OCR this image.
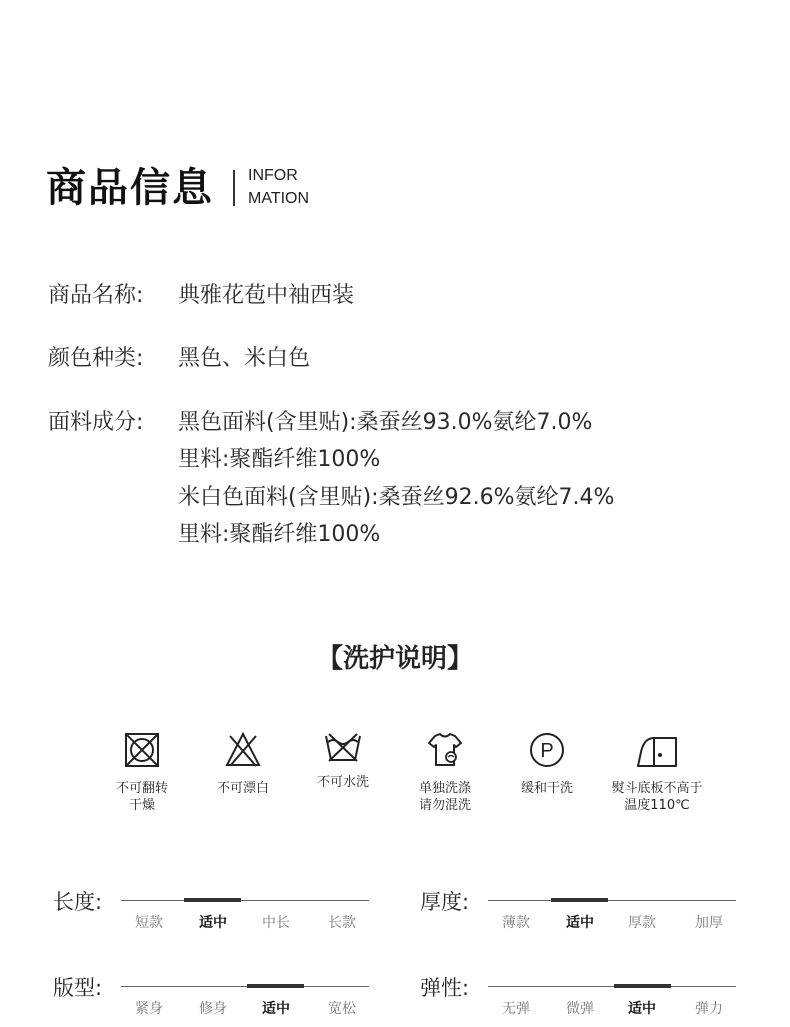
商品信息 INFOR
MATION
商品名称: 典雅花苞中袖西装
颜色种类: 黑色、米白色
面料成分: 黑色面料(含里贴):桑蚕丝93.0%氨纶7.0%
里料:聚酯纤维100%
米白色面料(含里贴):桑蚕丝92.6%氨纶7.4%
里料:聚酯纤维100%
【洗护说明】
不可翻转
干燥
不可漂白	不可水洗	单独洗涤
请勿混洗
P
缓和干洗	熨斗底板不高于
温度110℃
长度:
短款	适中	中长	长款
厚度:
薄款	适中	厚款	加厚
版型:
紧身	修身	适中	宽松
弹性:
无弹	微弹	适中	弹力
